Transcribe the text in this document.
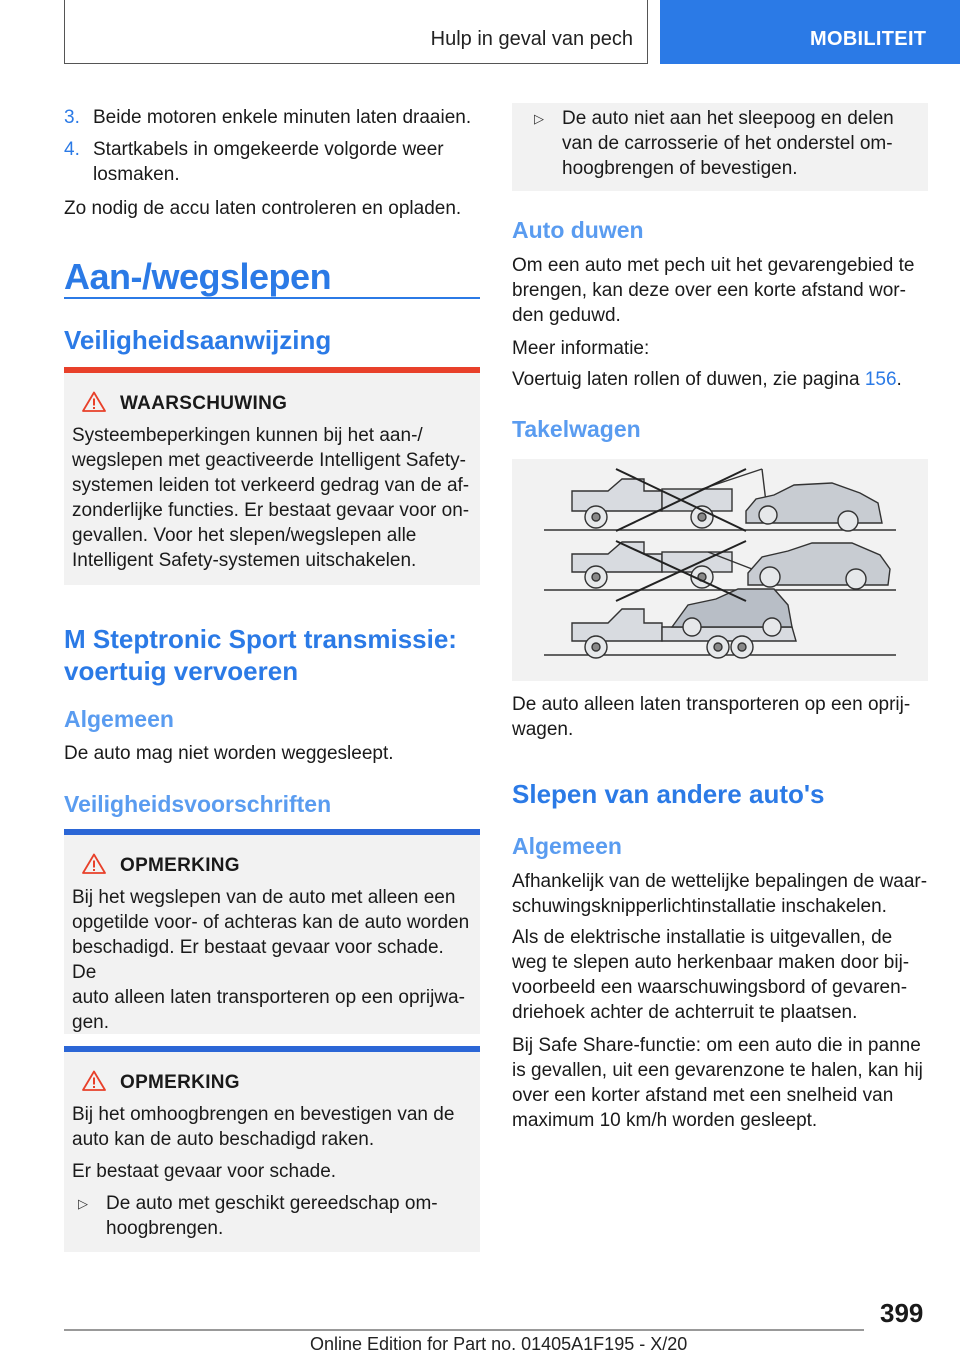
Hulp in geval van pech	MOBILITEIT
3. Beide motoren enkele minuten laten draaien.
4. Startkabels in omgekeerde volgorde weer
losmaken.

Zo nodig de accu laten controleren en opladen.

Aan-/wegslepen
Veiligheidsaanwijzing
WAARSCHUWING
Systeembeperkingen kunnen bij het aan-/
wegslepen met geactiveerde Intelligent Safety-
systemen leiden tot verkeerd gedrag van de af-
zonderlijke functies. Er bestaat gevaar voor on-
gevallen. Voor het slepen/wegslepen alle
Intelligent Safety-systemen uitschakelen.
M Steptronic Sport transmissie:
voertuig vervoeren
Algemeen

De auto mag niet worden weggesleept.

Veiligheidsvoorschriften
OPMERKING
Bij het wegslepen van de auto met alleen een
opgetilde voor- of achteras kan de auto worden
beschadigd. Er bestaat gevaar voor schade. De
auto alleen laten transporteren op een oprijwa-
gen.
OPMERKING
Bij het omhoogbrengen en bevestigen van de
auto kan de auto beschadigd raken.
Er bestaat gevaar voor schade.
▷ De auto met geschikt gereedschap om-
hoogbrengen.
▷ De auto niet aan het sleepoog en delen
van de carrosserie of het onderstel om-
hoogbrengen of bevestigen.
Auto duwen
Om een auto met pech uit het gevarengebied te
brengen, kan deze over een korte afstand wor-
den geduwd.

Meer informatie:

Voertuig laten rollen of duwen, zie pagina 156.

Takelwagen
De auto alleen laten transporteren op een oprij-
wagen.
Slepen van andere auto's
Algemeen
Afhankelijk van de wettelijke bepalingen de waar-
schuwingsknipperlichtinstallatie inschakelen.
Als de elektrische installatie is uitgevallen, de
weg te slepen auto herkenbaar maken door bij-
voorbeeld een waarschuwingsbord of gevaren-
driehoek achter de achterruit te plaatsen.
Bij Safe Share-functie: om een auto die in panne
is gevallen, uit een gevarenzone te halen, kan hij
over een korter afstand met een snelheid van
maximum 10 km/h worden gesleept.
399
Online Edition for Part no. 01405A1F195 - X/20
